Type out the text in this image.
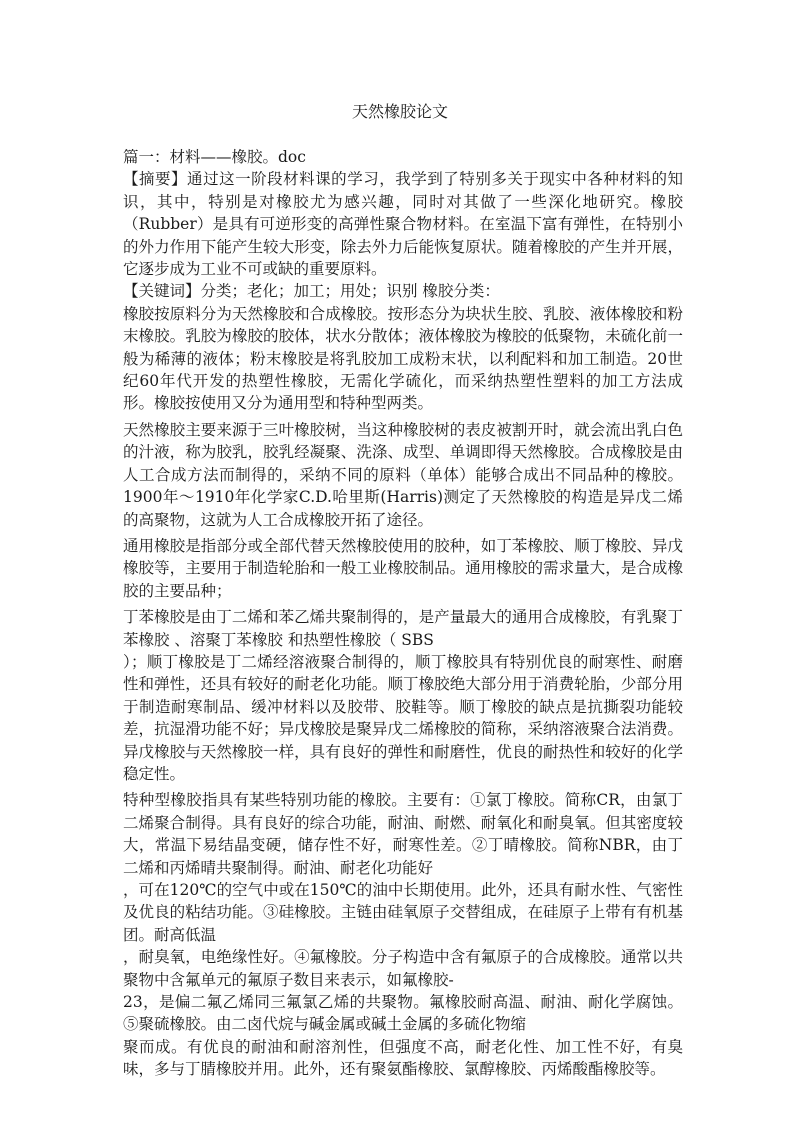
天然橡胶论文

篇一：材料——橡胶。doc

【摘要】通过这一阶段材料课的学习，我学到了特别多关于现实中各种材料的知识，其中，特别是对橡胶尤为感兴趣，同时对其做了一些深化地研究。橡胶（Rubber）是具有可逆形变的高弹性聚合物材料。在室温下富有弹性，在特别小的外力作用下能产生较大形变，除去外力后能恢复原状。随着橡胶的产生并开展，它逐步成为工业不可或缺的重要原料。

【关键词】分类；老化；加工；用处；识别 橡胶分类：

橡胶按原料分为天然橡胶和合成橡胶。按形态分为块状生胶、乳胶、液体橡胶和粉末橡胶。乳胶为橡胶的胶体，状水分散体；液体橡胶为橡胶的低聚物，未硫化前一般为稀薄的液体；粉末橡胶是将乳胶加工成粉末状，以利配料和加工制造。20世纪60年代开发的热塑性橡胶，无需化学硫化，而采纳热塑性塑料的加工方法成形。橡胶按使用又分为通用型和特种型两类。

天然橡胶主要来源于三叶橡胶树，当这种橡胶树的表皮被割开时，就会流出乳白色的汁液，称为胶乳，胶乳经凝聚、洗涤、成型、单调即得天然橡胶。合成橡胶是由人工合成方法而制得的，采纳不同的原料（单体）能够合成出不同品种的橡胶。1900年～1910年化学家C.D.哈里斯(Harris)测定了天然橡胶的构造是异戊二烯的高聚物，这就为人工合成橡胶开拓了途径。

通用橡胶是指部分或全部代替天然橡胶使用的胶种，如丁苯橡胶、顺丁橡胶、异戊橡胶等，主要用于制造轮胎和一般工业橡胶制品。通用橡胶的需求量大，是合成橡胶的主要品种；

丁苯橡胶是由丁二烯和苯乙烯共聚制得的，是产量最大的通用合成橡胶，有乳聚丁苯橡胶 、溶聚丁苯橡胶 和热塑性橡胶（ SBS

）；顺丁橡胶是丁二烯经溶液聚合制得的，顺丁橡胶具有特别优良的耐寒性、耐磨性和弹性，还具有较好的耐老化功能。顺丁橡胶绝大部分用于消费轮胎，少部分用于制造耐寒制品、缓冲材料以及胶带、胶鞋等。顺丁橡胶的缺点是抗撕裂功能较差，抗湿滑功能不好；异戊橡胶是聚异戊二烯橡胶的简称，采纳溶液聚合法消费。异戊橡胶与天然橡胶一样，具有良好的弹性和耐磨性，优良的耐热性和较好的化学稳定性。

特种型橡胶指具有某些特别功能的橡胶。主要有：①氯丁橡胶。简称CR，由氯丁二烯聚合制得。具有良好的综合功能，耐油、耐燃、耐氧化和耐臭氧。但其密度较大，常温下易结晶变硬，储存性不好，耐寒性差。②丁晴橡胶。简称NBR，由丁二烯和丙烯晴共聚制得。耐油、耐老化功能好

，可在120℃的空气中或在150℃的油中长期使用。此外，还具有耐水性、气密性及优良的粘结功能。③硅橡胶。主链由硅氧原子交替组成，在硅原子上带有有机基团。耐高低温

，耐臭氧，电绝缘性好。④氟橡胶。分子构造中含有氟原子的合成橡胶。通常以共聚物中含氟单元的氟原子数目来表示，如氟橡胶-

23，是偏二氟乙烯同三氟氯乙烯的共聚物。氟橡胶耐高温、耐油、耐化学腐蚀。⑤聚硫橡胶。由二卤代烷与碱金属或碱土金属的多硫化物缩

聚而成。有优良的耐油和耐溶剂性，但强度不高，耐老化性、加工性不好，有臭味，多与丁腈橡胶并用。此外，还有聚氨酯橡胶、氯醇橡胶、丙烯酸酯橡胶等。
